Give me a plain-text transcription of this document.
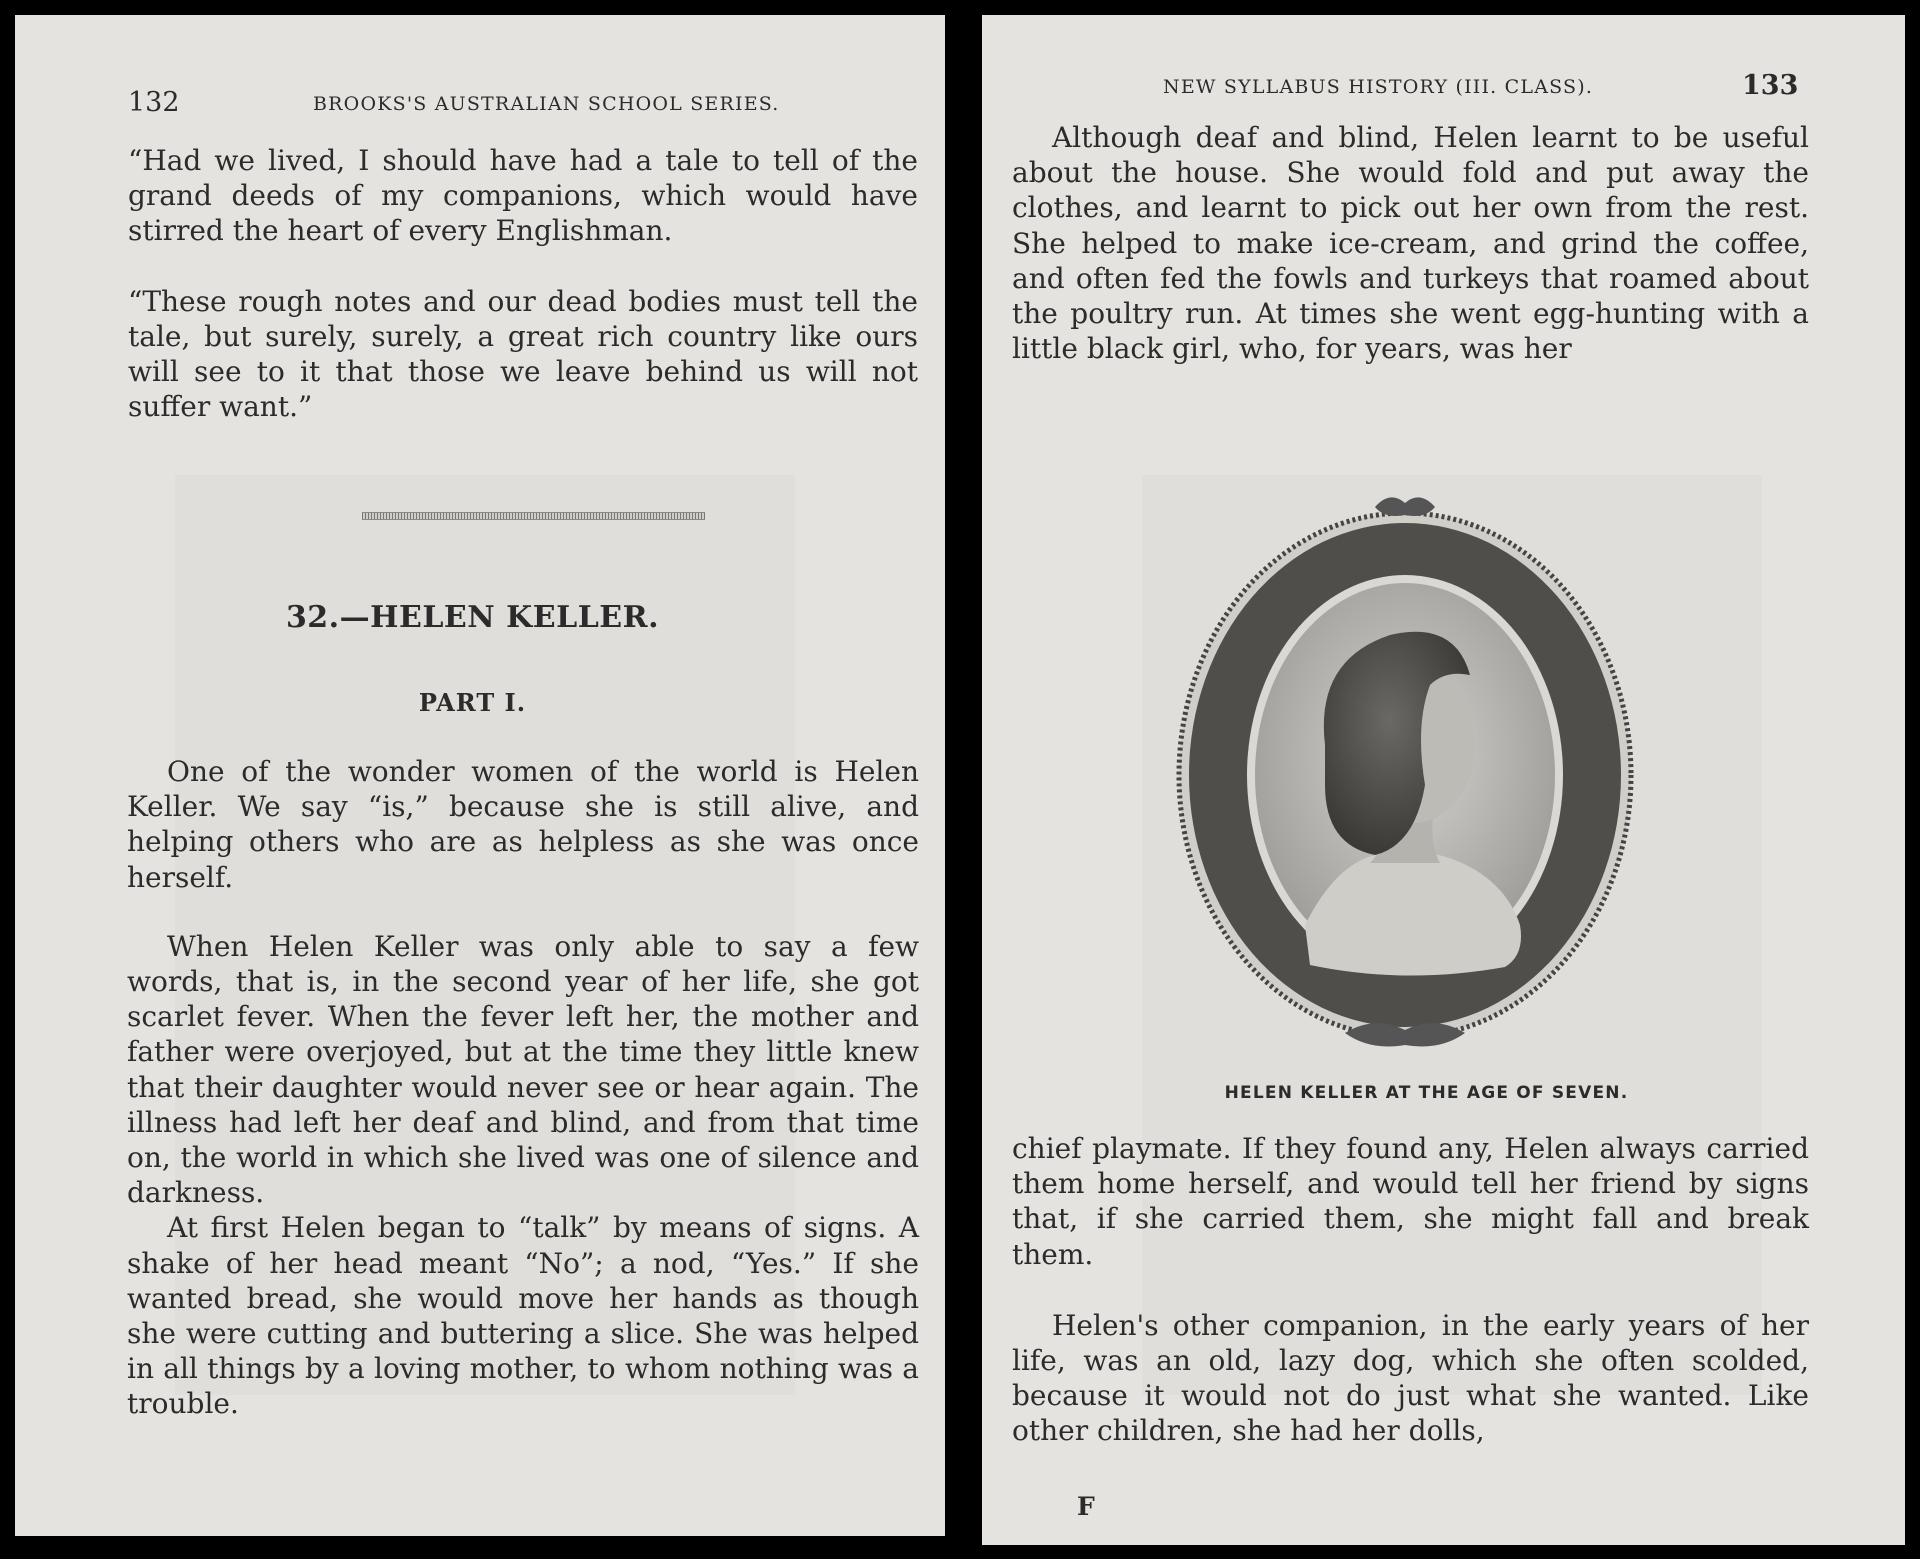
132	BROOKS'S AUSTRALIAN SCHOOL SERIES.

“Had we lived, I should have had a tale to tell of the grand deeds of my companions, which would have stirred the heart of every Englishman.

“These rough notes and our dead bodies must tell the tale, but surely, surely, a great rich country like ours will see to it that those we leave behind us will not suffer want.”

32.—HELEN KELLER.
PART I.

One of the wonder women of the world is Helen Keller. We say “is,” because she is still alive, and helping others who are as helpless as she was once herself.

When Helen Keller was only able to say a few words, that is, in the second year of her life, she got scarlet fever. When the fever left her, the mother and father were overjoyed, but at the time they little knew that their daughter would never see or hear again. The illness had left her deaf and blind, and from that time on, the world in which she lived was one of silence and darkness.

At first Helen began to “talk” by means of signs. A shake of her head meant “No”; a nod, “Yes.” If she wanted bread, she would move her hands as though she were cutting and buttering a slice. She was helped in all things by a loving mother, to whom nothing was a trouble.

NEW SYLLABUS HISTORY (III. CLASS).	133

Although deaf and blind, Helen learnt to be useful about the house. She would fold and put away the clothes, and learnt to pick out her own from the rest. She helped to make ice-cream, and grind the coffee, and often fed the fowls and turkeys that roamed about the poultry run. At times she went egg-hunting with a little black girl, who, for years, was her

HELEN KELLER AT THE AGE OF SEVEN.

chief playmate. If they found any, Helen always carried them home herself, and would tell her friend by signs that, if she carried them, she might fall and break them.

Helen's other companion, in the early years of her life, was an old, lazy dog, which she often scolded, because it would not do just what she wanted. Like other children, she had her dolls,

F
